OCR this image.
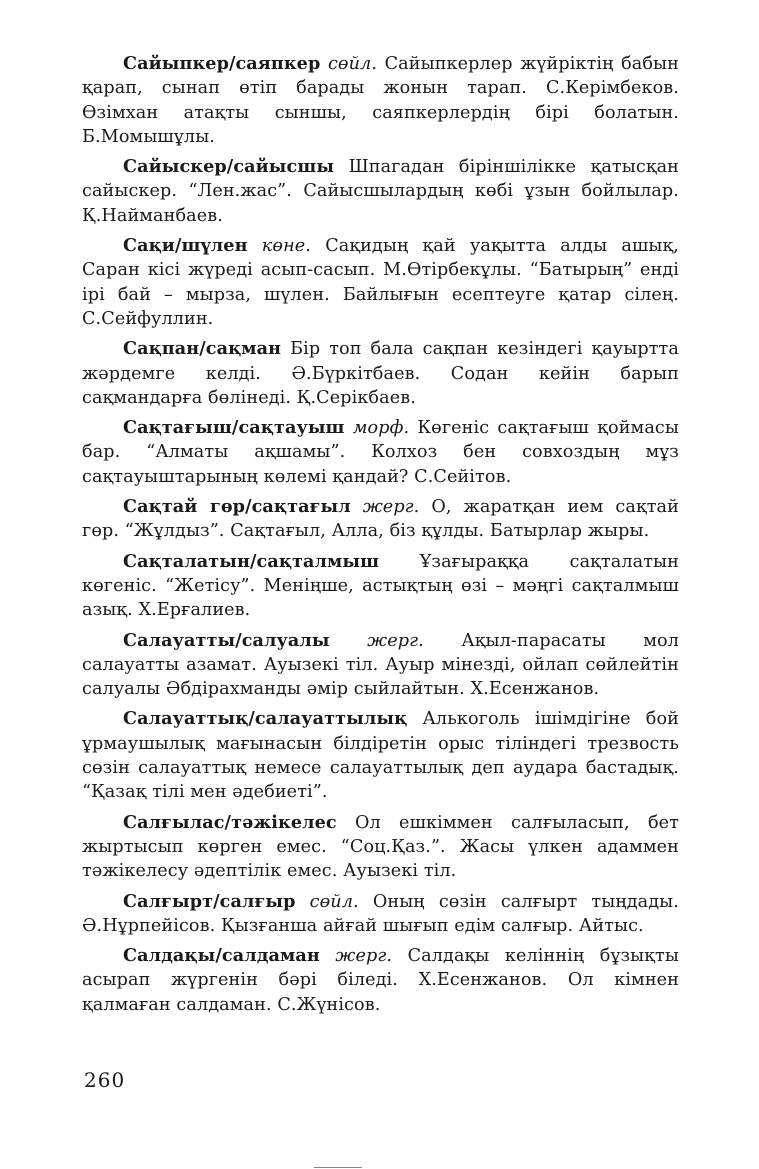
Сайыпкер/саяпкер сөйл. Сайыпкерлер жүйріктің бабын қарап, сынап өтіп барады жонын тарап. С.Керімбеков. Өзімхан атақты сыншы, саяпкерлердің бірі болатын. Б.Момышұлы.

Сайыскер/сайысшы Шпагадан біріншілікке қатысқан сайыскер. “Лен.жас”. Сайысшылардың көбі ұзын бойлылар. Қ.Найманбаев.

Сақи/шүлен көне. Сақидың қай уақытта алды ашық, Саран кісі жүреді асып-сасып. М.Өтірбекұлы. “Батырың” енді ірі бай – мырза, шүлен. Байлығын есептеуге қатар сілең. С.Сейфуллин.

Сақпан/сақман Бір топ бала сақпан кезіндегі қауыртта жәрдемге келді. Ә.Бүркітбаев. Содан кейін барып сақмандарға бөлінеді. Қ.Серікбаев.

Сақтағыш/сақтауыш морф. Көгеніс сақтағыш қоймасы бар. “Алматы ақшамы”. Колхоз бен совхоздың мұз сақтауыштарының көлемі қандай? С.Сейітов.

Сақтай гөр/сақтағыл жерг. О, жаратқан ием сақтай гөр. “Жұлдыз”. Сақтағыл, Алла, біз құлды. Батырлар жыры.

Сақталатын/сақталмыш Ұзағыраққа сақталатын көгеніс. “Жетісу”. Меніңше, астықтың өзі – мәңгі сақталмыш азық. Х.Ерғалиев.

Салауатты/салуалы жерг. Ақыл-парасаты мол салауатты азамат. Ауызекі тіл. Ауыр мінезді, ойлап сөйлейтін салуалы Әбдірахманды әмір сыйлайтын. Х.Есенжанов.

Салауаттық/салауаттылық Алькоголь ішімдігіне бой ұрмаушылық мағынасын білдіретін орыс тіліндегі трезвость сөзін салауаттық немесе салауаттылық деп аудара бастадық. “Қазақ тілі мен әдебиеті”.

Салғылас/тәжікелес Ол ешкіммен салғыласып, бет жыртысып көрген емес. “Соц.Қаз.”. Жасы үлкен адаммен тәжікелесу әдептілік емес. Ауызекі тіл.

Салғырт/салғыр сөйл. Оның сөзін салғырт тыңдады. Ә.Нұрпейісов. Қызғанша айғай шығып едім салғыр. Айтыс.

Салдақы/салдаман жерг. Салдақы келіннің бұзықты асырап жүргенін бәрі біледі. Х.Есенжанов. Ол кімнен қалмаған салдаман. С.Жүнісов.

260
